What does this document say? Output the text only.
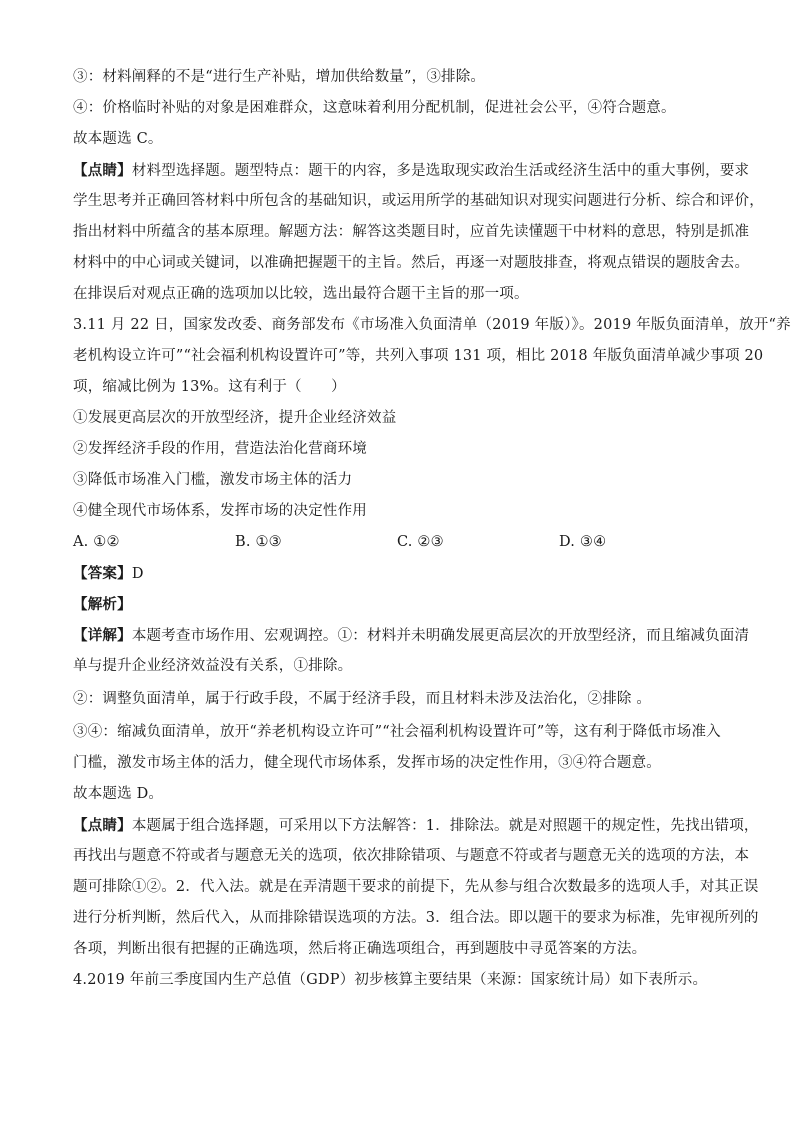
③：材料阐释的不是“进行生产补贴，增加供给数量”，③排除。
④：价格临时补贴的对象是困难群众，这意味着利用分配机制，促进社会公平，④符合题意。
故本题选 C。
【点睛】材料型选择题。题型特点：题干的内容，多是选取现实政治生活或经济生活中的重大事例，要求
学生思考并正确回答材料中所包含的基础知识，或运用所学的基础知识对现实问题进行分析、综合和评价，
指出材料中所蕴含的基本原理。解题方法：解答这类题目时，应首先读懂题干中材料的意思，特别是抓准
材料中的中心词或关键词，以准确把握题干的主旨。然后，再逐一对题肢排查，将观点错误的题肢舍去。
在排误后对观点正确的选项加以比较，选出最符合题干主旨的那一项。
3.11 月 22 日，国家发改委、商务部发布《市场准入负面清单（2019 年版）》。2019 年版负面清单，放开“养
老机构设立许可”“社会福利机构设置许可”等，共列入事项 131 项，相比 2018 年版负面清单减少事项 20
项，缩减比例为 13%。这有利于（　　）
①发展更高层次的开放型经济，提升企业经济效益
②发挥经济手段的作用，营造法治化营商环境
③降低市场准入门槛，激发市场主体的活力
④健全现代市场体系，发挥市场的决定性作用
A. ①②	B. ①③	C. ②③	D. ③④
【答案】D
【解析】
【详解】本题考查市场作用、宏观调控。①：材料并未明确发展更高层次的开放型经济，而且缩减负面清
单与提升企业经济效益没有关系，①排除。
②：调整负面清单，属于行政手段，不属于经济手段，而且材料未涉及法治化，②排除 。
③④：缩减负面清单，放开“养老机构设立许可”“社会福利机构设置许可”等，这有利于降低市场准入
门槛，激发市场主体的活力，健全现代市场体系，发挥市场的决定性作用，③④符合题意。
故本题选 D。
【点睛】本题属于组合选择题，可采用以下方法解答：1．排除法。就是对照题干的规定性，先找出错项，
再找出与题意不符或者与题意无关的选项，依次排除错项、与题意不符或者与题意无关的选项的方法，本
题可排除①②。2．代入法。就是在弄清题干要求的前提下，先从参与组合次数最多的选项人手，对其正误
进行分析判断，然后代入，从而排除错误选项的方法。3．组合法。即以题干的要求为标准，先审视所列的
各项，判断出很有把握的正确选项，然后将正确选项组合，再到题肢中寻觅答案的方法。
4.2019 年前三季度国内生产总值（GDP）初步核算主要结果（来源：国家统计局）如下表所示。
